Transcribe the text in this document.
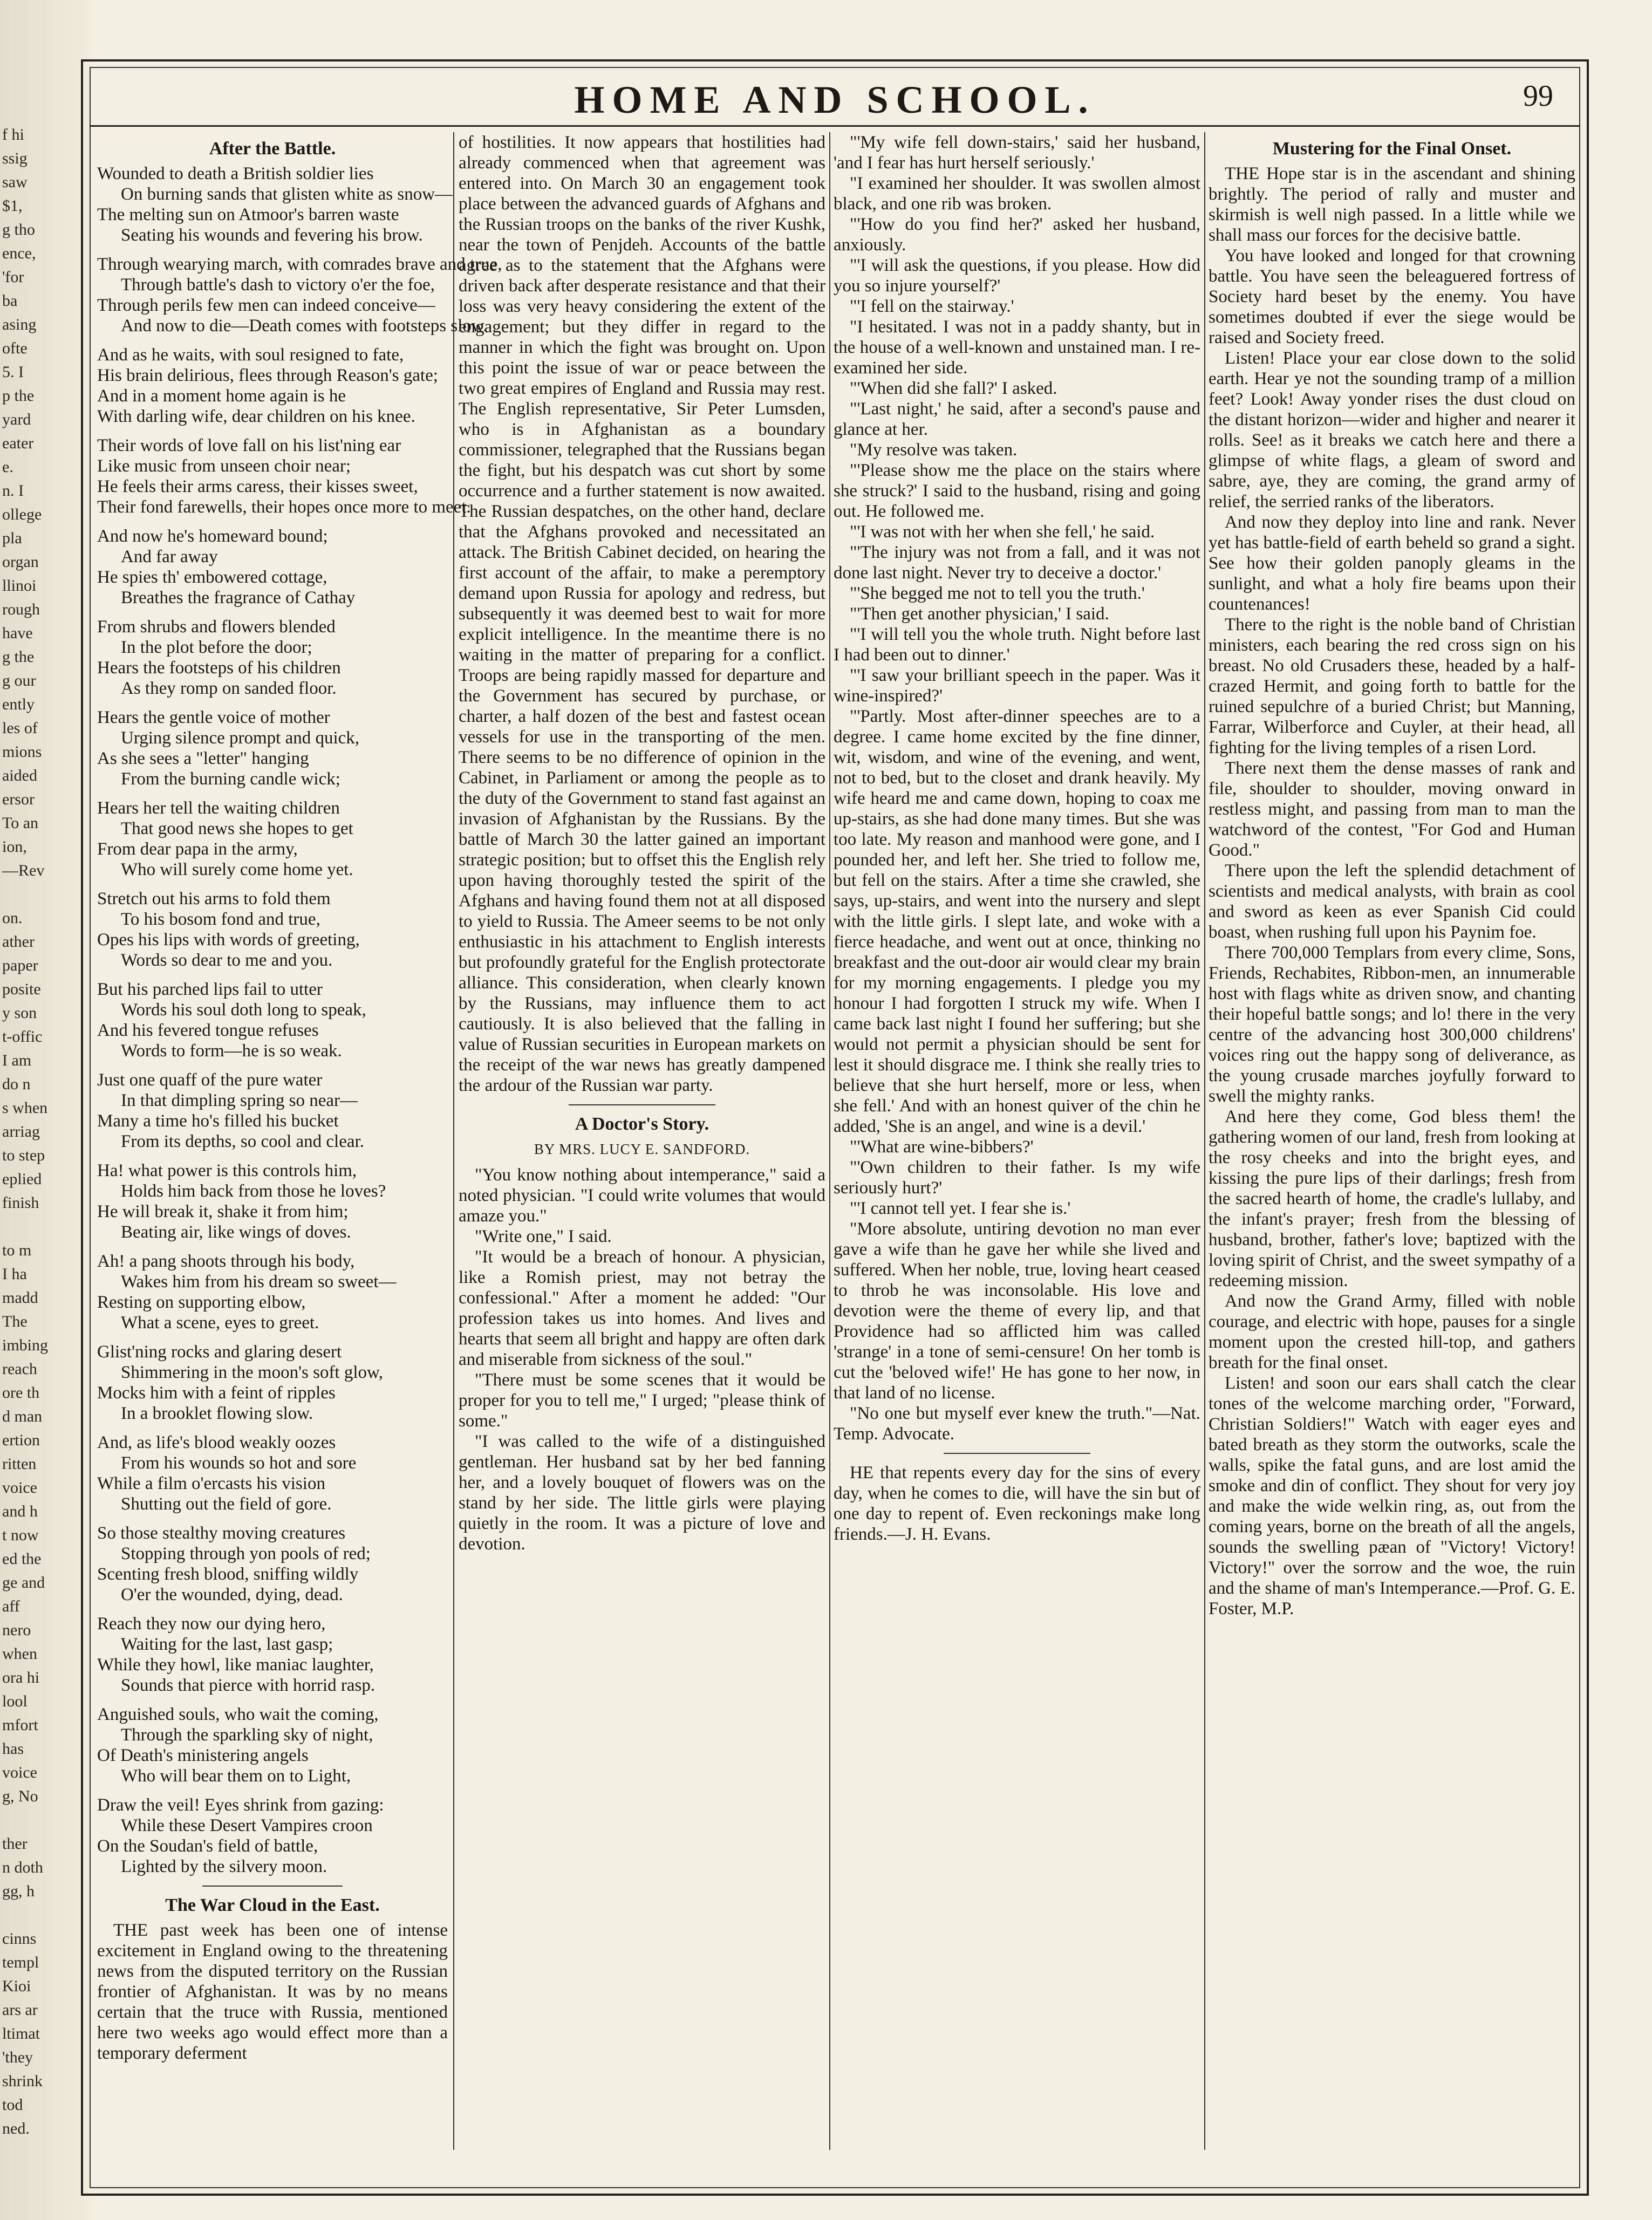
f hi
ssig
saw
$1,
g tho
ence,
'for
ba
asing
ofte
5. I
p the
yard
eater
e.
n. I
ollege
pla
organ
llinoi
rough
have
g the
g our
ently
les of
mions
aided
ersor
To an
ion,
—Rev
on.
ather
paper
posite
y son
t-offic
I am
do n
s when
arriag
to step
eplied
finish
to m
I ha
madd
The
imbing
reach
ore th
d man
ertion
ritten
voice
and h
t now
ed the
ge and
aff
nero
when
ora hi
lool
mfort
has
voice
g, No
ther
n doth
gg, h
cinns
templ
Kioi
ars ar
ltimat
'they
shrink
tod
ned.
HOME AND SCHOOL.	99
After the Battle.

Wounded to death a British soldier lies
On burning sands that glisten white as snow—
The melting sun on Atmoor's barren waste
Seating his wounds and fevering his brow.

Through wearying march, with comrades brave and true,
Through battle's dash to victory o'er the foe,
Through perils few men can indeed conceive—
And now to die—Death comes with footsteps slow.

And as he waits, with soul resigned to fate,
His brain delirious, flees through Reason's gate;
And in a moment home again is he
With darling wife, dear children on his knee.

Their words of love fall on his list'ning ear
Like music from unseen choir near;
He feels their arms caress, their kisses sweet,
Their fond farewells, their hopes once more to meet.

And now he's homeward bound;
And far away
He spies th' embowered cottage,
Breathes the fragrance of Cathay

From shrubs and flowers blended
In the plot before the door;
Hears the footsteps of his children
As they romp on sanded floor.

Hears the gentle voice of mother
Urging silence prompt and quick,
As she sees a "letter" hanging
From the burning candle wick;

Hears her tell the waiting children
That good news she hopes to get
From dear papa in the army,
Who will surely come home yet.

Stretch out his arms to fold them
To his bosom fond and true,
Opes his lips with words of greeting,
Words so dear to me and you.

But his parched lips fail to utter
Words his soul doth long to speak,
And his fevered tongue refuses
Words to form—he is so weak.

Just one quaff of the pure water
In that dimpling spring so near—
Many a time ho's filled his bucket
From its depths, so cool and clear.

Ha! what power is this controls him,
Holds him back from those he loves?
He will break it, shake it from him;
Beating air, like wings of doves.

Ah! a pang shoots through his body,
Wakes him from his dream so sweet—
Resting on supporting elbow,
What a scene, eyes to greet.

Glist'ning rocks and glaring desert
Shimmering in the moon's soft glow,
Mocks him with a feint of ripples
In a brooklet flowing slow.

And, as life's blood weakly oozes
From his wounds so hot and sore
While a film o'ercasts his vision
Shutting out the field of gore.

So those stealthy moving creatures
Stopping through yon pools of red;
Scenting fresh blood, sniffing wildly
O'er the wounded, dying, dead.

Reach they now our dying hero,
Waiting for the last, last gasp;
While they howl, like maniac laughter,
Sounds that pierce with horrid rasp.

Anguished souls, who wait the coming,
Through the sparkling sky of night,
Of Death's ministering angels
Who will bear them on to Light,

Draw the veil! Eyes shrink from gazing:
While these Desert Vampires croon
On the Soudan's field of battle,
Lighted by the silvery moon.

The War Cloud in the East.

THE past week has been one of intense excitement in England owing to the threatening news from the disputed territory on the Russian frontier of Afghanistan. It was by no means certain that the truce with Russia, mentioned here two weeks ago would effect more than a temporary deferment

of hostilities. It now appears that hostilities had already commenced when that agreement was entered into. On March 30 an engagement took place between the advanced guards of Afghans and the Russian troops on the banks of the river Kushk, near the town of Penjdeh. Accounts of the battle agree as to the statement that the Afghans were driven back after desperate resistance and that their loss was very heavy considering the extent of the engagement; but they differ in regard to the manner in which the fight was brought on. Upon this point the issue of war or peace between the two great empires of England and Russia may rest. The English representative, Sir Peter Lumsden, who is in Afghanistan as a boundary commissioner, telegraphed that the Russians began the fight, but his despatch was cut short by some occurrence and a further statement is now awaited. The Russian despatches, on the other hand, declare that the Afghans provoked and necessitated an attack. The British Cabinet decided, on hearing the first account of the affair, to make a peremptory demand upon Russia for apology and redress, but subsequently it was deemed best to wait for more explicit intelligence. In the meantime there is no waiting in the matter of preparing for a conflict. Troops are being rapidly massed for departure and the Government has secured by purchase, or charter, a half dozen of the best and fastest ocean vessels for use in the transporting of the men. There seems to be no difference of opinion in the Cabinet, in Parliament or among the people as to the duty of the Government to stand fast against an invasion of Afghanistan by the Russians. By the battle of March 30 the latter gained an important strategic position; but to offset this the English rely upon having thoroughly tested the spirit of the Afghans and having found them not at all disposed to yield to Russia. The Ameer seems to be not only enthusiastic in his attachment to English interests but profoundly grateful for the English protectorate alliance. This consideration, when clearly known by the Russians, may influence them to act cautiously. It is also believed that the falling in value of Russian securities in European markets on the receipt of the war news has greatly dampened the ardour of the Russian war party.

A Doctor's Story.
BY MRS. LUCY E. SANDFORD.

"You know nothing about intemperance," said a noted physician. "I could write volumes that would amaze you."

"Write one," I said.

"It would be a breach of honour. A physician, like a Romish priest, may not betray the confessional." After a moment he added: "Our profession takes us into homes. And lives and hearts that seem all bright and happy are often dark and miserable from sickness of the soul."

"There must be some scenes that it would be proper for you to tell me," I urged; "please think of some."

"I was called to the wife of a distinguished gentleman. Her husband sat by her bed fanning her, and a lovely bouquet of flowers was on the stand by her side. The little girls were playing quietly in the room. It was a picture of love and devotion.

"'My wife fell down-stairs,' said her husband, 'and I fear has hurt herself seriously.'

"I examined her shoulder. It was swollen almost black, and one rib was broken.

"'How do you find her?' asked her husband, anxiously.

"'I will ask the questions, if you please. How did you so injure yourself?'

"'I fell on the stairway.'

"I hesitated. I was not in a paddy shanty, but in the house of a well-known and unstained man. I re-examined her side.

"'When did she fall?' I asked.

"'Last night,' he said, after a second's pause and glance at her.

"My resolve was taken.

"'Please show me the place on the stairs where she struck?' I said to the husband, rising and going out. He followed me.

"'I was not with her when she fell,' he said.

"'The injury was not from a fall, and it was not done last night. Never try to deceive a doctor.'

"'She begged me not to tell you the truth.'

"'Then get another physician,' I said.

"'I will tell you the whole truth. Night before last I had been out to dinner.'

"'I saw your brilliant speech in the paper. Was it wine-inspired?'

"'Partly. Most after-dinner speeches are to a degree. I came home excited by the fine dinner, wit, wisdom, and wine of the evening, and went, not to bed, but to the closet and drank heavily. My wife heard me and came down, hoping to coax me up-stairs, as she had done many times. But she was too late. My reason and manhood were gone, and I pounded her, and left her. She tried to follow me, but fell on the stairs. After a time she crawled, she says, up-stairs, and went into the nursery and slept with the little girls. I slept late, and woke with a fierce headache, and went out at once, thinking no breakfast and the out-door air would clear my brain for my morning engagements. I pledge you my honour I had forgotten I struck my wife. When I came back last night I found her suffering; but she would not permit a physician should be sent for lest it should disgrace me. I think she really tries to believe that she hurt herself, more or less, when she fell.' And with an honest quiver of the chin he added, 'She is an angel, and wine is a devil.'

"'What are wine-bibbers?'

"'Own children to their father. Is my wife seriously hurt?'

"'I cannot tell yet. I fear she is.'

"More absolute, untiring devotion no man ever gave a wife than he gave her while she lived and suffered. When her noble, true, loving heart ceased to throb he was inconsolable. His love and devotion were the theme of every lip, and that Providence had so afflicted him was called 'strange' in a tone of semi-censure! On her tomb is cut the 'beloved wife!' He has gone to her now, in that land of no license.

"No one but myself ever knew the truth."—Nat. Temp. Advocate.

HE that repents every day for the sins of every day, when he comes to die, will have the sin but of one day to repent of. Even reckonings make long friends.—J. H. Evans.

Mustering for the Final Onset.

THE Hope star is in the ascendant and shining brightly. The period of rally and muster and skirmish is well nigh passed. In a little while we shall mass our forces for the decisive battle.

You have looked and longed for that crowning battle. You have seen the beleaguered fortress of Society hard beset by the enemy. You have sometimes doubted if ever the siege would be raised and Society freed.

Listen! Place your ear close down to the solid earth. Hear ye not the sounding tramp of a million feet? Look! Away yonder rises the dust cloud on the distant horizon—wider and higher and nearer it rolls. See! as it breaks we catch here and there a glimpse of white flags, a gleam of sword and sabre, aye, they are coming, the grand army of relief, the serried ranks of the liberators.

And now they deploy into line and rank. Never yet has battle-field of earth beheld so grand a sight. See how their golden panoply gleams in the sunlight, and what a holy fire beams upon their countenances!

There to the right is the noble band of Christian ministers, each bearing the red cross sign on his breast. No old Crusaders these, headed by a half-crazed Hermit, and going forth to battle for the ruined sepulchre of a buried Christ; but Manning, Farrar, Wilberforce and Cuyler, at their head, all fighting for the living temples of a risen Lord.

There next them the dense masses of rank and file, shoulder to shoulder, moving onward in restless might, and passing from man to man the watchword of the contest, "For God and Human Good."

There upon the left the splendid detachment of scientists and medical analysts, with brain as cool and sword as keen as ever Spanish Cid could boast, when rushing full upon his Paynim foe.

There 700,000 Templars from every clime, Sons, Friends, Rechabites, Ribbon-men, an innumerable host with flags white as driven snow, and chanting their hopeful battle songs; and lo! there in the very centre of the advancing host 300,000 childrens' voices ring out the happy song of deliverance, as the young crusade marches joyfully forward to swell the mighty ranks.

And here they come, God bless them! the gathering women of our land, fresh from looking at the rosy cheeks and into the bright eyes, and kissing the pure lips of their darlings; fresh from the sacred hearth of home, the cradle's lullaby, and the infant's prayer; fresh from the blessing of husband, brother, father's love; baptized with the loving spirit of Christ, and the sweet sympathy of a redeeming mission.

And now the Grand Army, filled with noble courage, and electric with hope, pauses for a single moment upon the crested hill-top, and gathers breath for the final onset.

Listen! and soon our ears shall catch the clear tones of the welcome marching order, "Forward, Christian Soldiers!" Watch with eager eyes and bated breath as they storm the outworks, scale the walls, spike the fatal guns, and are lost amid the smoke and din of conflict. They shout for very joy and make the wide welkin ring, as, out from the coming years, borne on the breath of all the angels, sounds the swelling pæan of "Victory! Victory! Victory!" over the sorrow and the woe, the ruin and the shame of man's Intemperance.—Prof. G. E. Foster, M.P.
